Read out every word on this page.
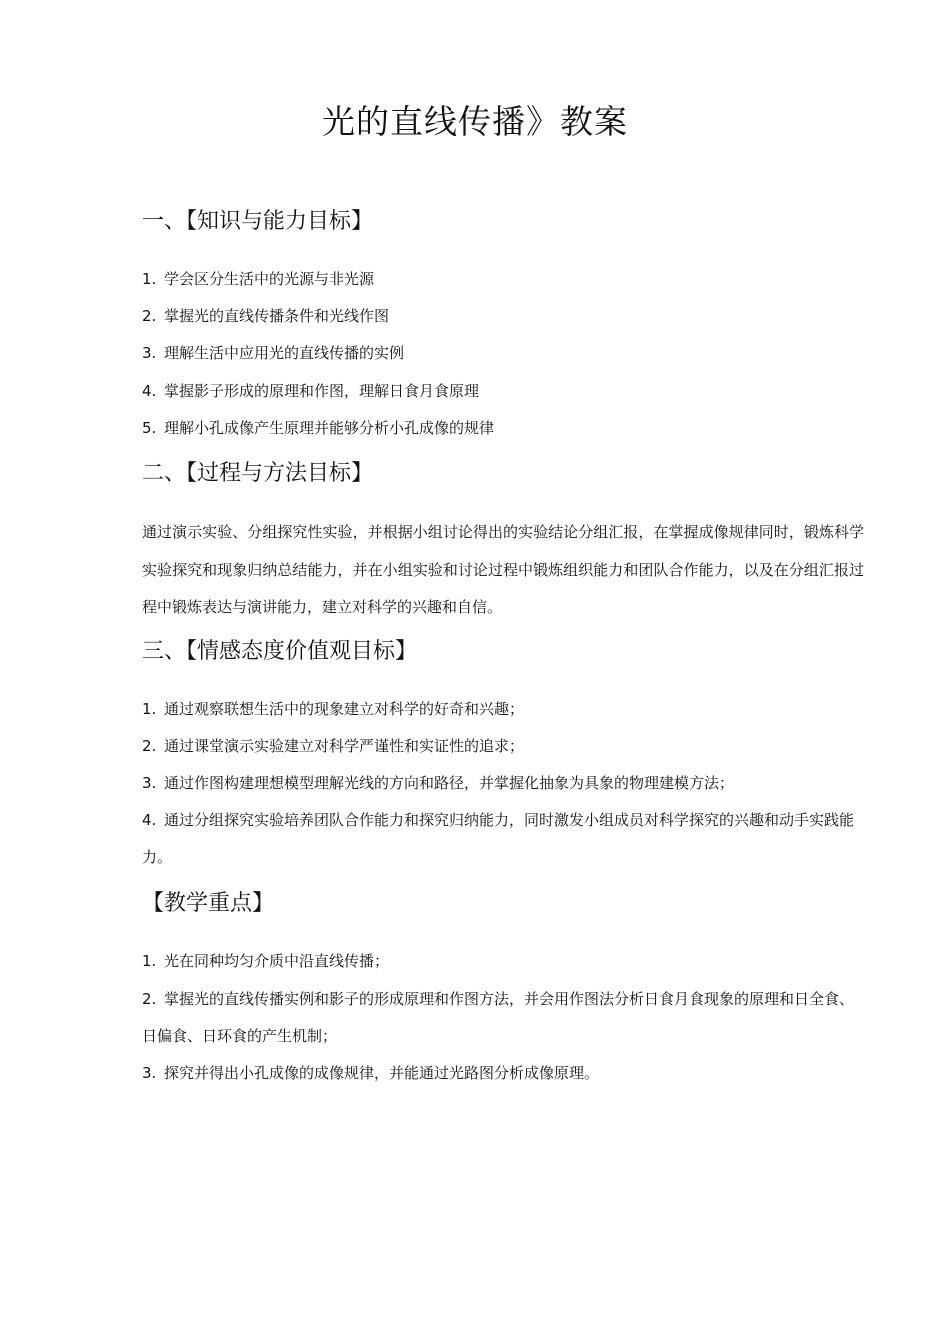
光的直线传播》教案
一、【知识与能力目标】

1. 学会区分生活中的光源与非光源

2. 掌握光的直线传播条件和光线作图

3. 理解生活中应用光的直线传播的实例

4. 掌握影子形成的原理和作图，理解日食月食原理

5. 理解小孔成像产生原理并能够分析小孔成像的规律

二、【过程与方法目标】

通过演示实验、分组探究性实验，并根据小组讨论得出的实验结论分组汇报，在掌握成像规律同时，锻炼科学实验探究和现象归纳总结能力，并在小组实验和讨论过程中锻炼组织能力和团队合作能力，以及在分组汇报过程中锻炼表达与演讲能力，建立对科学的兴趣和自信。

三、【情感态度价值观目标】

1. 通过观察联想生活中的现象建立对科学的好奇和兴趣；

2. 通过课堂演示实验建立对科学严谨性和实证性的追求；

3. 通过作图构建理想模型理解光线的方向和路径，并掌握化抽象为具象的物理建模方法；

4. 通过分组探究实验培养团队合作能力和探究归纳能力，同时激发小组成员对科学探究的兴趣和动手实践能力。

【教学重点】

1. 光在同种均匀介质中沿直线传播；

2. 掌握光的直线传播实例和影子的形成原理和作图方法，并会用作图法分析日食月食现象的原理和日全食、日偏食、日环食的产生机制；

3. 探究并得出小孔成像的成像规律，并能通过光路图分析成像原理。
